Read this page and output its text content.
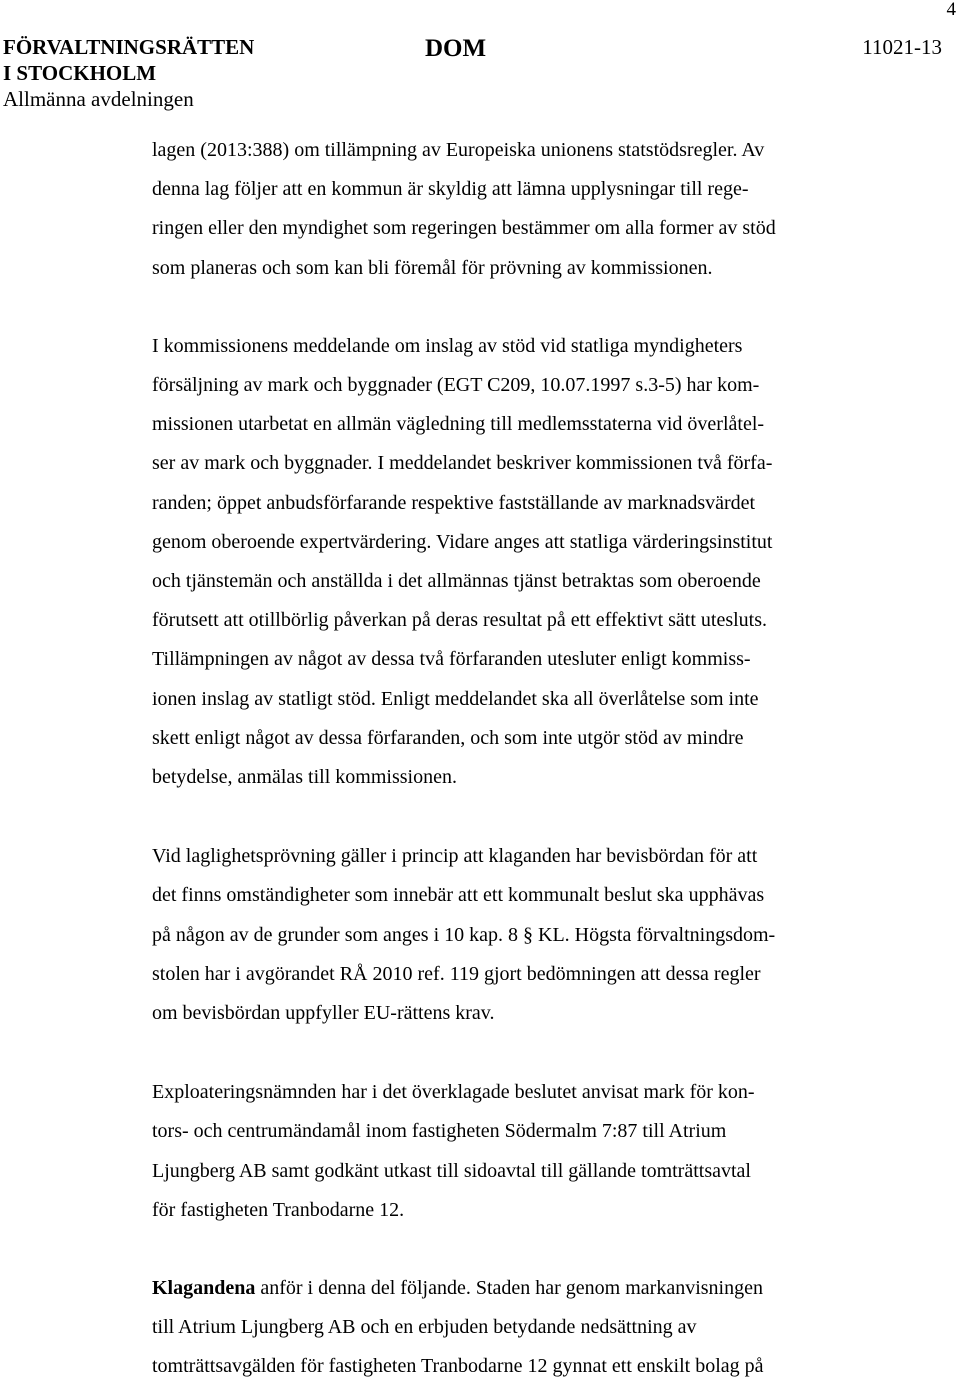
4
FÖRVALTNINGSRÄTTEN
I STOCKHOLM
Allmänna avdelningen
DOM	11021-13

lagen (2013:388) om tillämpning av Europeiska unionens statstödsregler. Av
denna lag följer att en kommun är skyldig att lämna upplysningar till rege-
ringen eller den myndighet som regeringen bestämmer om alla former av stöd
som planeras och som kan bli föremål för prövning av kommissionen.

I kommissionens meddelande om inslag av stöd vid statliga myndigheters
försäljning av mark och byggnader (EGT C209, 10.07.1997 s.3-5) har kom-
missionen utarbetat en allmän vägledning till medlemsstaterna vid överlåtel-
ser av mark och byggnader. I meddelandet beskriver kommissionen två förfa-
randen; öppet anbudsförfarande respektive fastställande av marknadsvärdet
genom oberoende expertvärdering. Vidare anges att statliga värderingsinstitut
och tjänstemän och anställda i det allmännas tjänst betraktas som oberoende
förutsett att otillbörlig påverkan på deras resultat på ett effektivt sätt utesluts.
Tillämpningen av något av dessa två förfaranden utesluter enligt kommiss-
ionen inslag av statligt stöd. Enligt meddelandet ska all överlåtelse som inte
skett enligt något av dessa förfaranden, och som inte utgör stöd av mindre
betydelse, anmälas till kommissionen.

Vid laglighetsprövning gäller i princip att klaganden har bevisbördan för att
det finns omständigheter som innebär att ett kommunalt beslut ska upphävas
på någon av de grunder som anges i 10 kap. 8 § KL. Högsta förvaltningsdom-
stolen har i avgörandet RÅ 2010 ref. 119 gjort bedömningen att dessa regler
om bevisbördan uppfyller EU-rättens krav.

Exploateringsnämnden har i det överklagade beslutet anvisat mark för kon-
tors- och centrumändamål inom fastigheten Södermalm 7:87 till Atrium
Ljungberg AB samt godkänt utkast till sidoavtal till gällande tomträttsavtal
för fastigheten Tranbodarne 12.

Klagandena anför i denna del följande. Staden har genom markanvisningen
till Atrium Ljungberg AB och en erbjuden betydande nedsättning av
tomträttsavgälden för fastigheten Tranbodarne 12 gynnat ett enskilt bolag på
